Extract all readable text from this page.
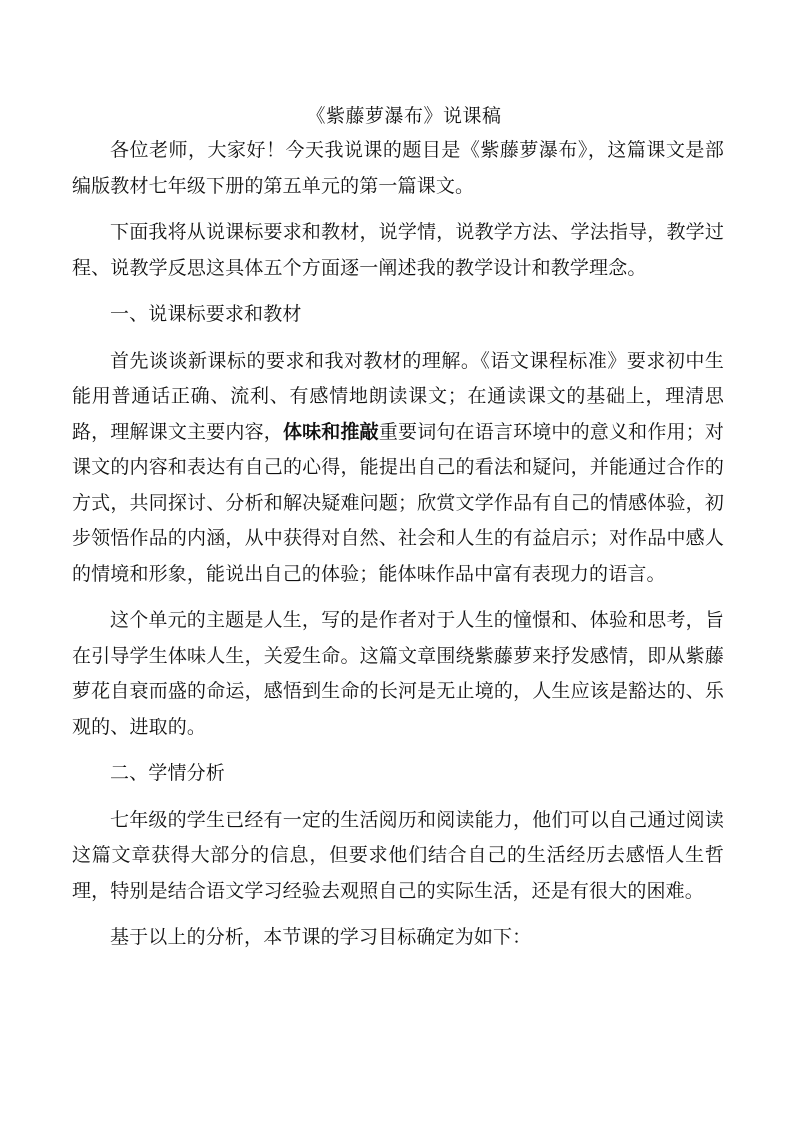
《紫藤萝瀑布》说课稿

各位老师，大家好！今天我说课的题目是《紫藤萝瀑布》，这篇课文是部编版教材七年级下册的第五单元的第一篇课文。

下面我将从说课标要求和教材，说学情，说教学方法、学法指导，教学过程、说教学反思这具体五个方面逐一阐述我的教学设计和教学理念。

一、说课标要求和教材

首先谈谈新课标的要求和我对教材的理解。《语文课程标准》要求初中生能用普通话正确、流利、有感情地朗读课文；在通读课文的基础上，理清思路，理解课文主要内容，体味和推敲重要词句在语言环境中的意义和作用；对课文的内容和表达有自己的心得，能提出自己的看法和疑问，并能通过合作的方式，共同探讨、分析和解决疑难问题；欣赏文学作品有自己的情感体验，初步领悟作品的内涵，从中获得对自然、社会和人生的有益启示；对作品中感人的情境和形象，能说出自己的体验；能体味作品中富有表现力的语言。

这个单元的主题是人生，写的是作者对于人生的憧憬和、体验和思考，旨在引导学生体味人生，关爱生命。这篇文章围绕紫藤萝来抒发感情，即从紫藤萝花自衰而盛的命运，感悟到生命的长河是无止境的，人生应该是豁达的、乐观的、进取的。

二、学情分析

七年级的学生已经有一定的生活阅历和阅读能力，他们可以自己通过阅读这篇文章获得大部分的信息，但要求他们结合自己的生活经历去感悟人生哲理，特别是结合语文学习经验去观照自己的实际生活，还是有很大的困难。

基于以上的分析，本节课的学习目标确定为如下：
